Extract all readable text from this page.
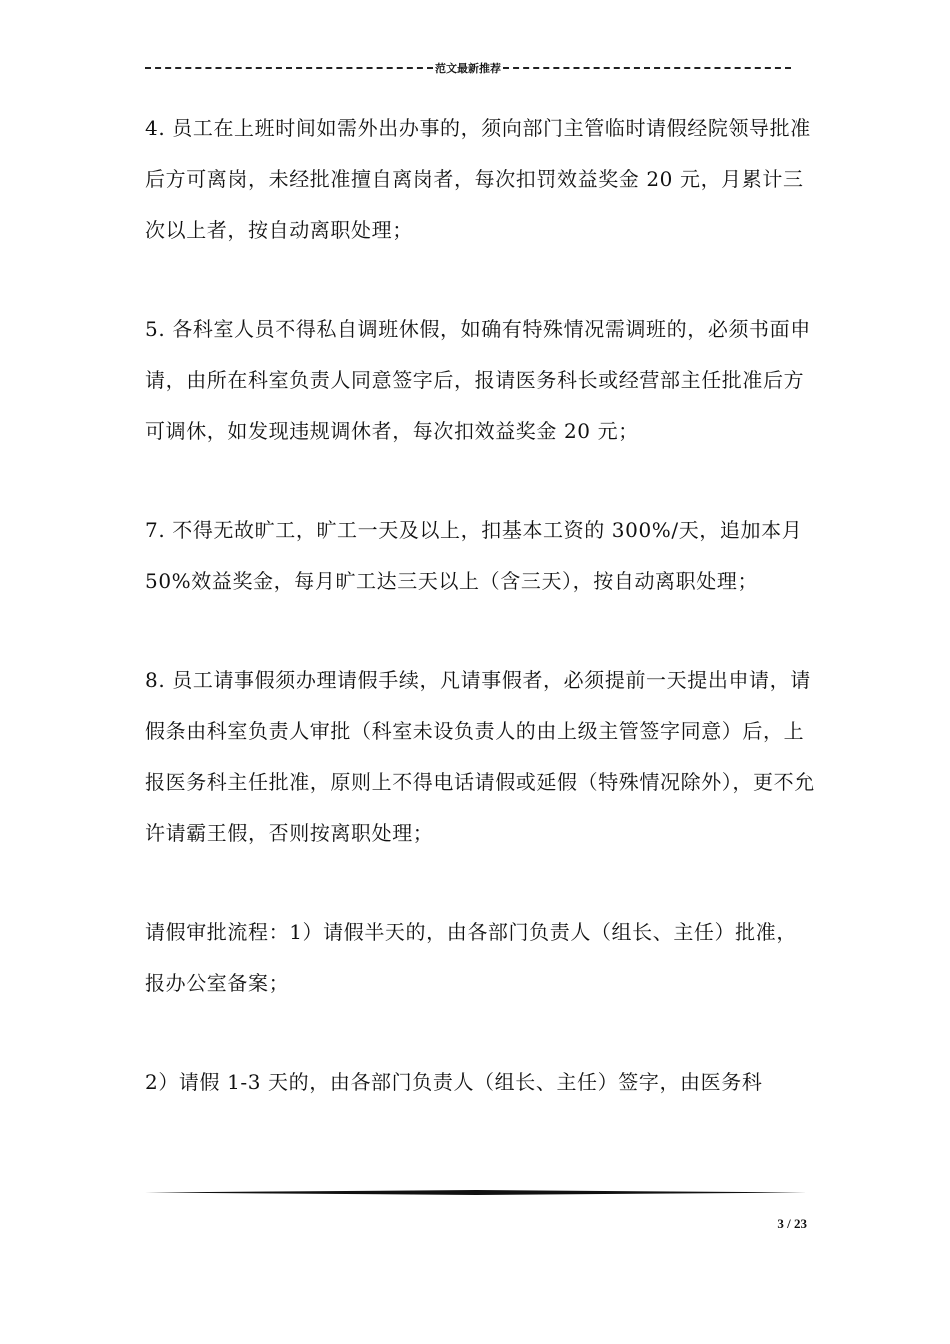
范文最新推荐

4. 员工在上班时间如需外出办事的，须向部门主管临时请假经院领导批准后方可离岗，未经批准擅自离岗者，每次扣罚效益奖金 20 元，月累计三次以上者，按自动离职处理；

5. 各科室人员不得私自调班休假，如确有特殊情况需调班的，必须书面申请，由所在科室负责人同意签字后，报请医务科长或经营部主任批准后方可调休，如发现违规调休者，每次扣效益奖金 20 元；

7. 不得无故旷工，旷工一天及以上，扣基本工资的 300%/天，追加本月 50%效益奖金，每月旷工达三天以上（含三天），按自动离职处理；

8. 员工请事假须办理请假手续，凡请事假者，必须提前一天提出申请，请假条由科室负责人审批（科室未设负责人的由上级主管签字同意）后，上报医务科主任批准，原则上不得电话请假或延假（特殊情况除外），更不允许请霸王假，否则按离职处理；

请假审批流程：1）请假半天的，由各部门负责人（组长、主任）批准，报办公室备案；

2）请假 1-3 天的，由各部门负责人（组长、主任）签字，由医务科

3 / 23
